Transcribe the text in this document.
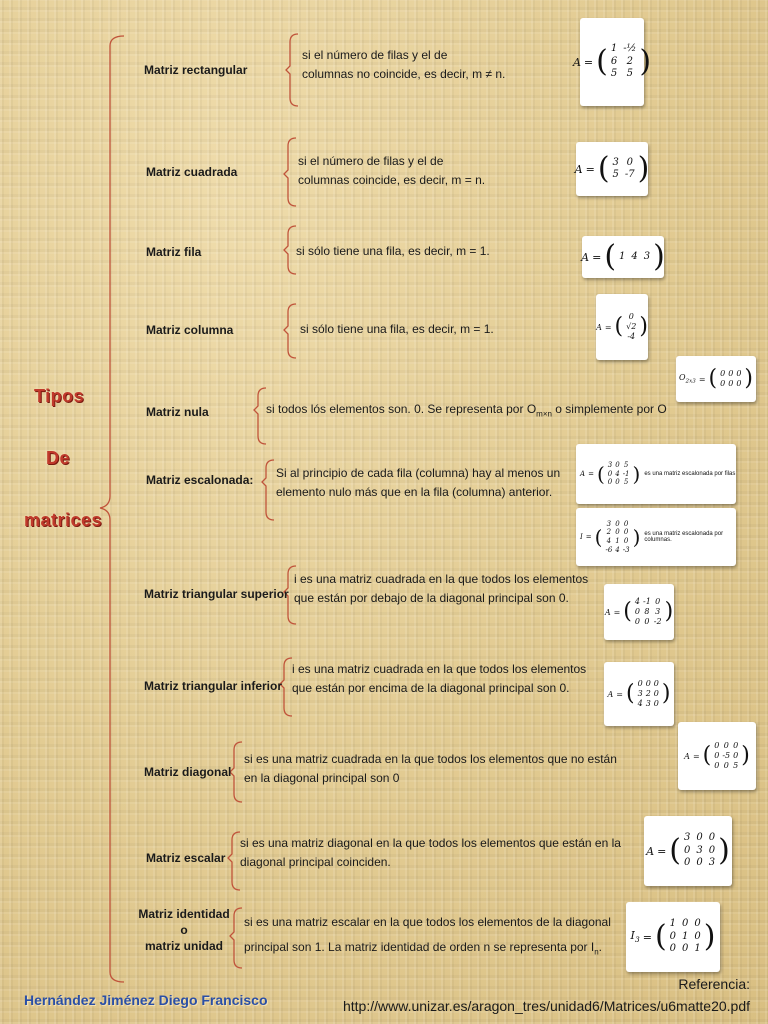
Tipos
De
matrices
Matriz rectangular
si el número de filas y el de
columnas no coincide, es decir, m ≠ n.
A = ( 1 -½
6 2
5 5 )
Matriz cuadrada
si el número de filas y el de
columnas coincide, es decir, m = n.
A = ( 3 0
5 -7 )
Matriz fila	si sólo tiene una fila, es decir, m = 1.	A = ( 1 4 3 )
Matriz columna	si sólo tiene una fila, es decir, m = 1.	A = ( 0
√2
-4 )
Matriz nula	si todos lós elementos son. 0. Se representa por $O_{m\times n}$ o simplemente por O
$O_{2x3}$ = ( 0 0 0
0 0 0 )
Matriz escalonada: Si al principio de cada fila (columna) hay al menos un
elemento nulo más que en la fila (columna) anterior.
A = ( 3 0 5
0 4 -1
0 0 5 ) es una matriz escalonada por filas
I = (
3 0 0
2 0 0
4 1 0
-6 4 -3
) es una matriz escalonada por columnas.
Matriz triangular superior
i es una matriz cuadrada en la que todos los elementos
que están por debajo de la diagonal principal son 0.
A = ( 4 -1 0
0 8 3
0 0 -2 )
Matriz triangular inferior
i es una matriz cuadrada en la que todos los elementos
que están por encima de la diagonal principal son 0.	A = ( 0 0 0
3 2 0
4 3 0 )
Matriz diagonal
si es una matriz cuadrada en la que todos los elementos que no están
en la diagonal principal son 0
A = ( 0 0 0
0 -5 0
0 0 5 )
Matriz escalar
si es una matriz diagonal en la que todos los elementos que están en la
diagonal principal coinciden.
A = ( 3 0 0
0 3 0
0 0 3 )
Matriz identidad
o
matriz unidad
si es una matriz escalar en la que todos los elementos de la diagonal
principal son 1. La matriz identidad de orden n se representa por $I_n$.
$I_3$ = ( 1 0 0
0 1 0
0 0 1 )
Hernández Jiménez Diego Francisco
Referencia:
http://www.unizar.es/aragon_tres/unidad6/Matrices/u6matte20.pdf
